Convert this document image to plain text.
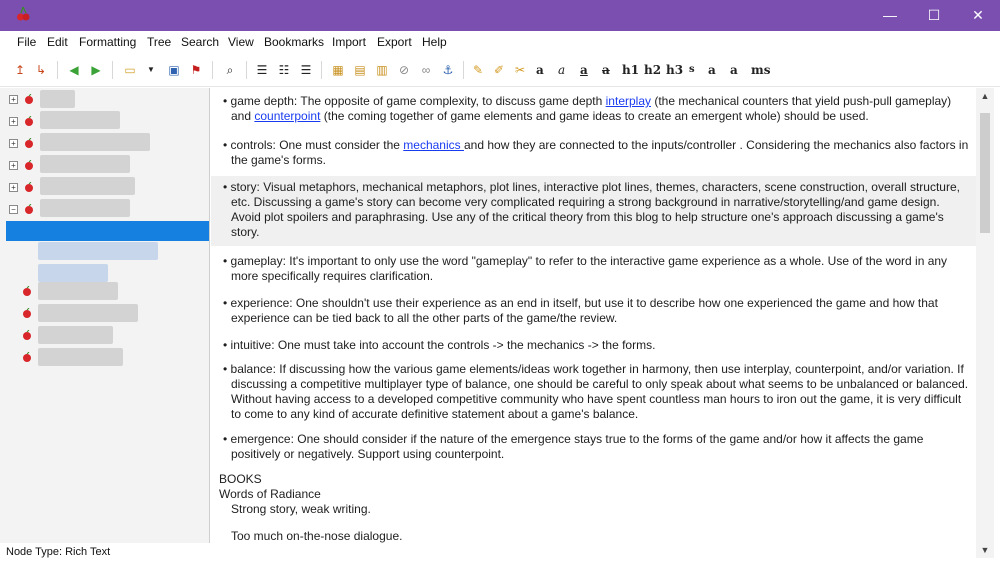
—	☐	✕
File Edit Formatting Tree Search View Bookmarks Import Export Help
↥ ↳ ◀ ▶ ▭	▼	▣ ⚑	⌕	☰ ☷ ☰ ▦ ▤ ▥ ⊘	∞	⚓ ✎ ✐ ✂ a a a a h1 h2 h3 s a a ms
+
+
+
+
+
−
• game depth: The opposite of game complexity, to discuss game depth interplay (the mechanical counters that yield push-pull gameplay) and counterpoint (the coming together of game elements and game ideas to create an emergent whole) should be used.
• controls: One must consider the mechanics and how they are connected to the inputs/controller . Considering the mechanics also factors in the game's forms.
• story: Visual metaphors, mechanical metaphors, plot lines, interactive plot lines, themes, characters, scene construction, overall structure, etc. Discussing a game's story can become very complicated requiring a strong background in narrative/storytelling/and game design. Avoid plot spoilers and paraphrasing. Use any of the critical theory from this blog to help structure one's approach discussing a game's story.
• gameplay: It's important to only use the word "gameplay" to refer to the interactive game experience as a whole. Use of the word in any more specifically requires clarification.
• experience: One shouldn't use their experience as an end in itself, but use it to describe how one experienced the game and how that experience can be tied back to all the other parts of the game/the review.
• intuitive: One must take into account the controls -> the mechanics -> the forms.
• balance: If discussing how the various game elements/ideas work together in harmony, then use interplay, counterpoint, and/or variation. If discussing a competitive multiplayer type of balance, one should be careful to only speak about what seems to be unbalanced or balanced. Without having access to a developed competitive community who have spent countless man hours to iron out the game, it is very difficult to come to any kind of accurate definitive statement about a game's balance.
• emergence: One should consider if the nature of the emergence stays true to the forms of the game and/or how it affects the game positively or negatively. Support using counterpoint.
BOOKS
Words of Radiance
Strong story, weak writing.
Too much on-the-nose dialogue.
▲
▼
Node Type: Rich Text
